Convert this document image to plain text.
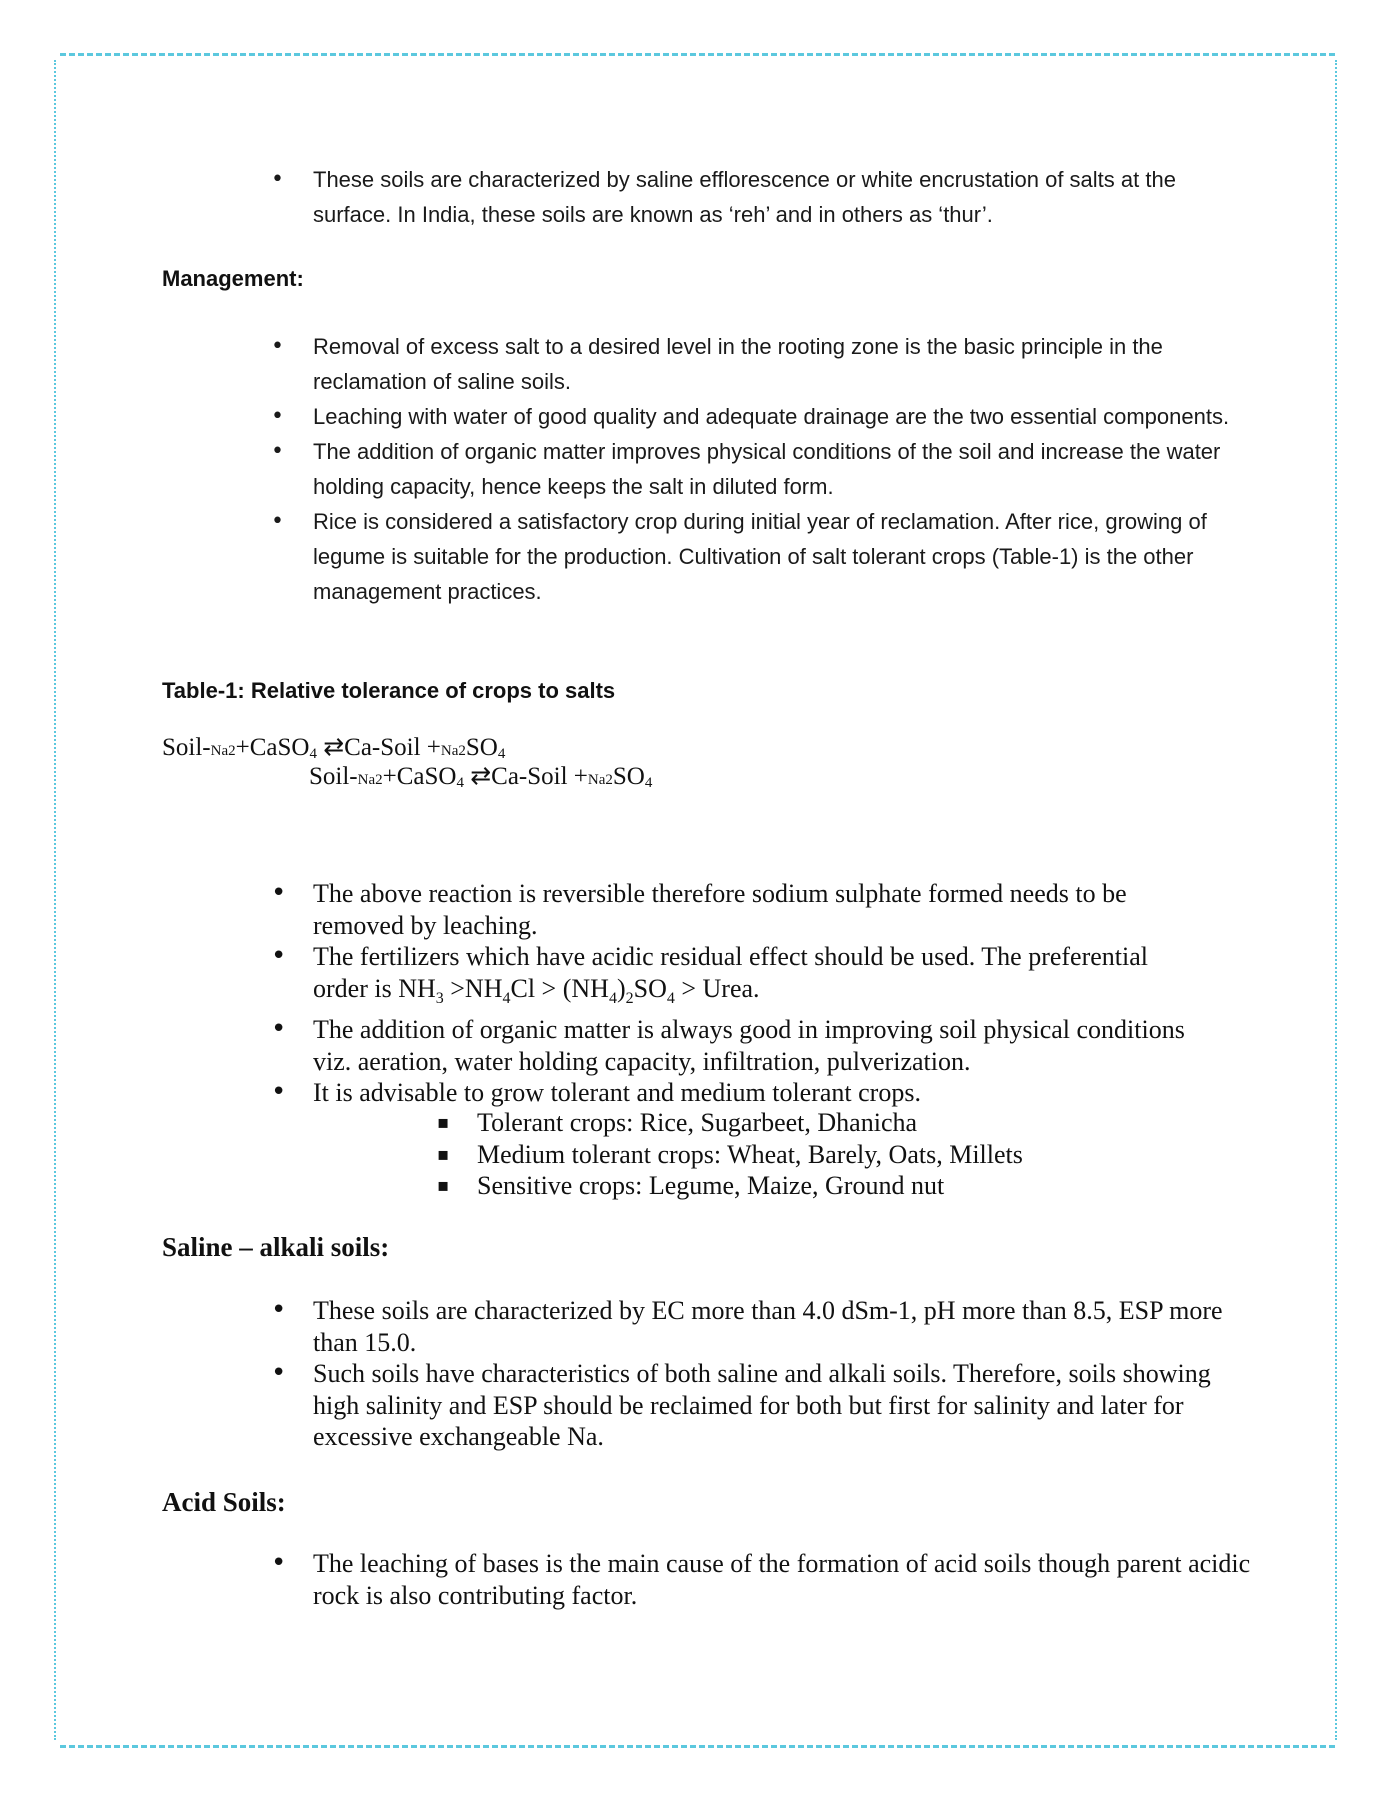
• These soils are characterized by saline efflorescence or white encrustation of salts at the surface. In India, these soils are known as ‘reh’ and in others as ‘thur’.
Management:
• Removal of excess salt to a desired level in the rooting zone is the basic principle in the reclamation of saline soils.
• Leaching with water of good quality and adequate drainage are the two essential components.
• The addition of organic matter improves physical conditions of the soil and increase the water holding capacity, hence keeps the salt in diluted form.
• Rice is considered a satisfactory crop during initial year of reclamation. After rice, growing of legume is suitable for the production. Cultivation of salt tolerant crops (Table-1) is the other management practices.
Table-1: Relative tolerance of crops to salts
Soil-Na2+CaSO$_4$ ⇄Ca-Soil $+Na2SO_4$
Soil-Na2+CaSO$_4$ ⇄Ca-Soil $+Na2SO_4$
• The above reaction is reversible therefore sodium sulphate formed needs to be removed by leaching.
• The fertilizers which have acidic residual effect should be used. The preferential
order is $NH_3 >NH_4Cl > (NH_4)_2SO_4$ > Urea.
• The addition of organic matter is always good in improving soil physical conditions viz. aeration, water holding capacity, infiltration, pulverization.
• It is advisable to grow tolerant and medium tolerant crops.
▪ Tolerant crops: Rice, Sugarbeet, Dhanicha
▪ Medium tolerant crops: Wheat, Barely, Oats, Millets
▪ Sensitive crops: Legume, Maize, Ground nut
Saline – alkali soils:
• These soils are characterized by EC more than 4.0 dSm-1, pH more than 8.5, ESP more than 15.0.
• Such soils have characteristics of both saline and alkali soils. Therefore, soils showing high salinity and ESP should be reclaimed for both but first for salinity and later for excessive exchangeable Na.
Acid Soils:
• The leaching of bases is the main cause of the formation of acid soils though parent acidic rock is also contributing factor.
